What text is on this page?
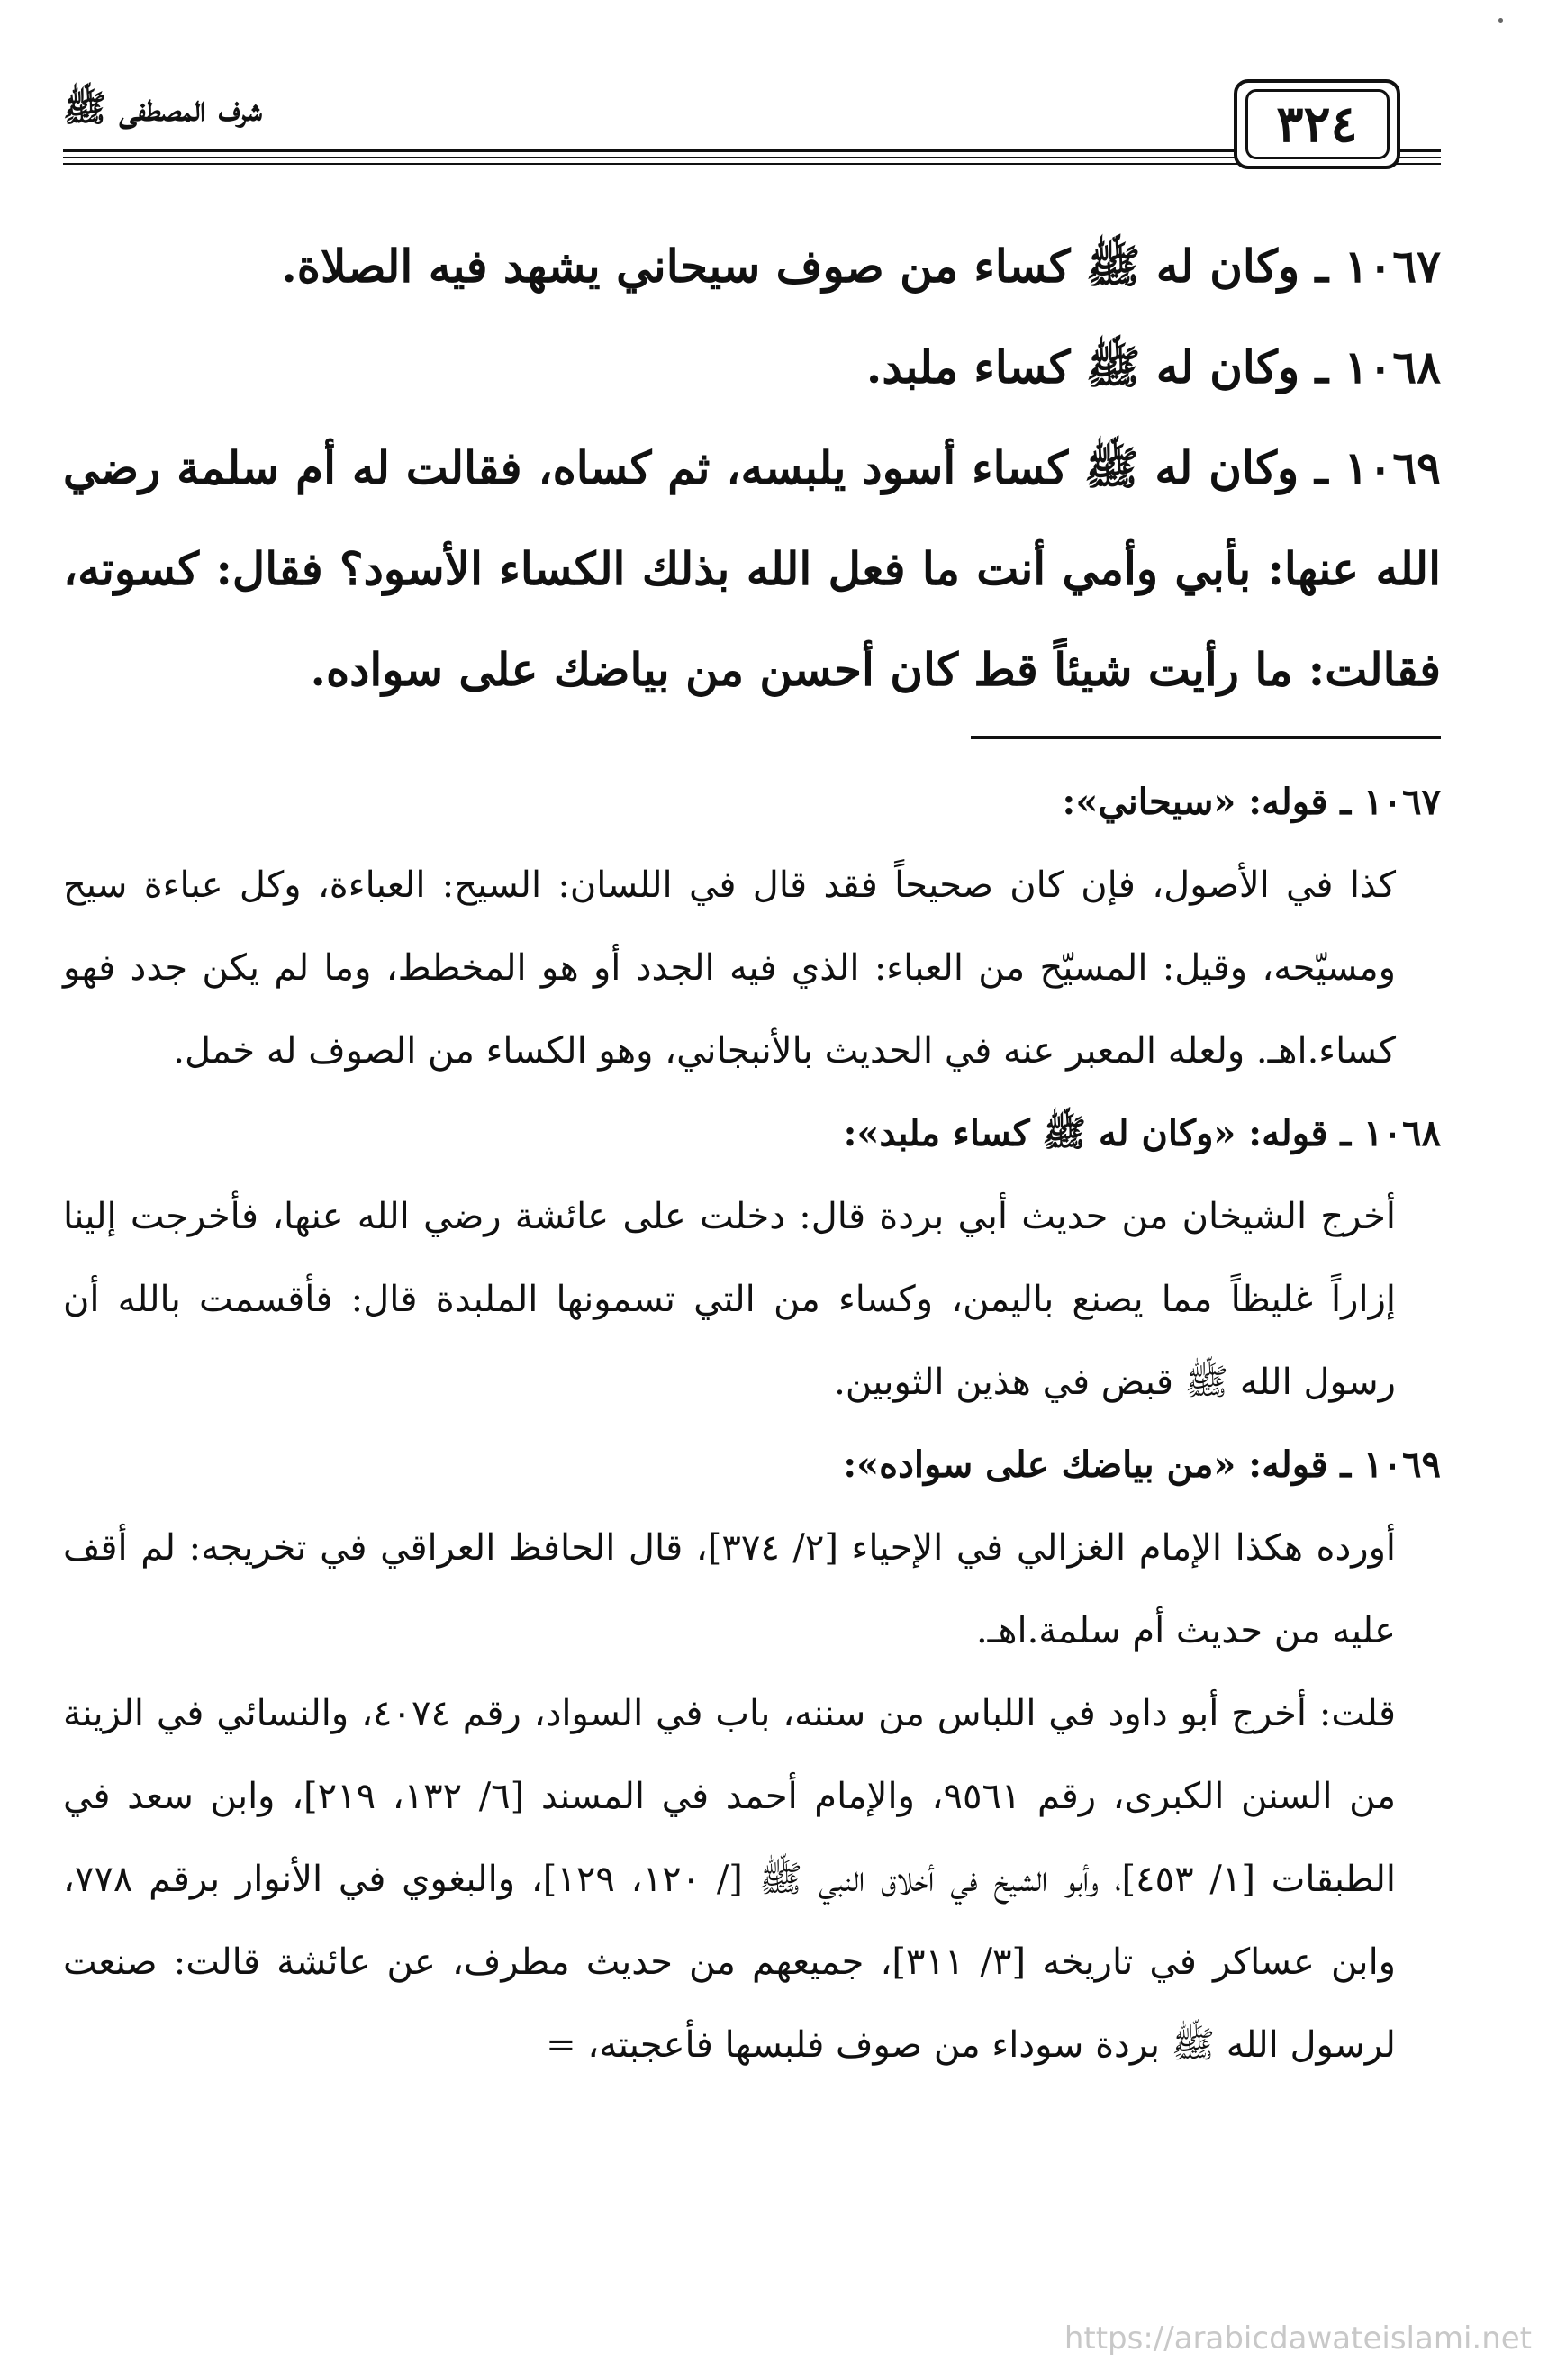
شرف المصطفى ﷺ	٣٢٤

١٠٦٧ ـ وكان له ﷺ كساء من صوف سيحاني يشهد فيه الصلاة.

١٠٦٨ ـ وكان له ﷺ كساء ملبد.

١٠٦٩ ـ وكان له ﷺ كساء أسود يلبسه، ثم كساه، فقالت له أم سلمة رضي الله عنها: بأبي وأمي أنت ما فعل الله بذلك الكساء الأسود؟ فقال: كسوته، فقالت: ما رأيت شيئاً قط كان أحسن من بياضك على سواده.

١٠٦٧ ـ قوله: «سيحاني»:

كذا في الأصول، فإن كان صحيحاً فقد قال في اللسان: السيح: العباءة، وكل عباءة سيح ومسيّحه، وقيل: المسيّح من العباء: الذي فيه الجدد أو هو المخطط، وما لم يكن جدد فهو كساء.اهـ. ولعله المعبر عنه في الحديث بالأنبجاني، وهو الكساء من الصوف له خمل.

١٠٦٨ ـ قوله: «وكان له ﷺ كساء ملبد»:

أخرج الشيخان من حديث أبي بردة قال: دخلت على عائشة رضي الله عنها، فأخرجت إلينا إزاراً غليظاً مما يصنع باليمن، وكساء من التي تسمونها الملبدة قال: فأقسمت بالله أن رسول الله ﷺ قبض في هذين الثوبين.

١٠٦٩ ـ قوله: «من بياضك على سواده»:

أورده هكذا الإمام الغزالي في الإحياء [٢/ ٣٧٤]، قال الحافظ العراقي في تخريجه: لم أقف عليه من حديث أم سلمة.اهـ.

قلت: أخرج أبو داود في اللباس من سننه، باب في السواد، رقم ٤٠٧٤، والنسائي في الزينة من السنن الكبرى، رقم ٩٥٦١، والإمام أحمد في المسند [٦/ ١٣٢، ٢١٩]، وابن سعد في الطبقات [١/ ٤٥٣]، وأبو الشيخ في أخلاق النبي ﷺ [/ ١٢٠، ١٢٩]، والبغوي في الأنوار برقم ٧٧٨، وابن عساكر في تاريخه [٣/ ٣١١]، جميعهم من حديث مطرف، عن عائشة قالت: صنعت لرسول الله ﷺ بردة سوداء من صوف فلبسها فأعجبته، =

https://arabicdawateislami.net
